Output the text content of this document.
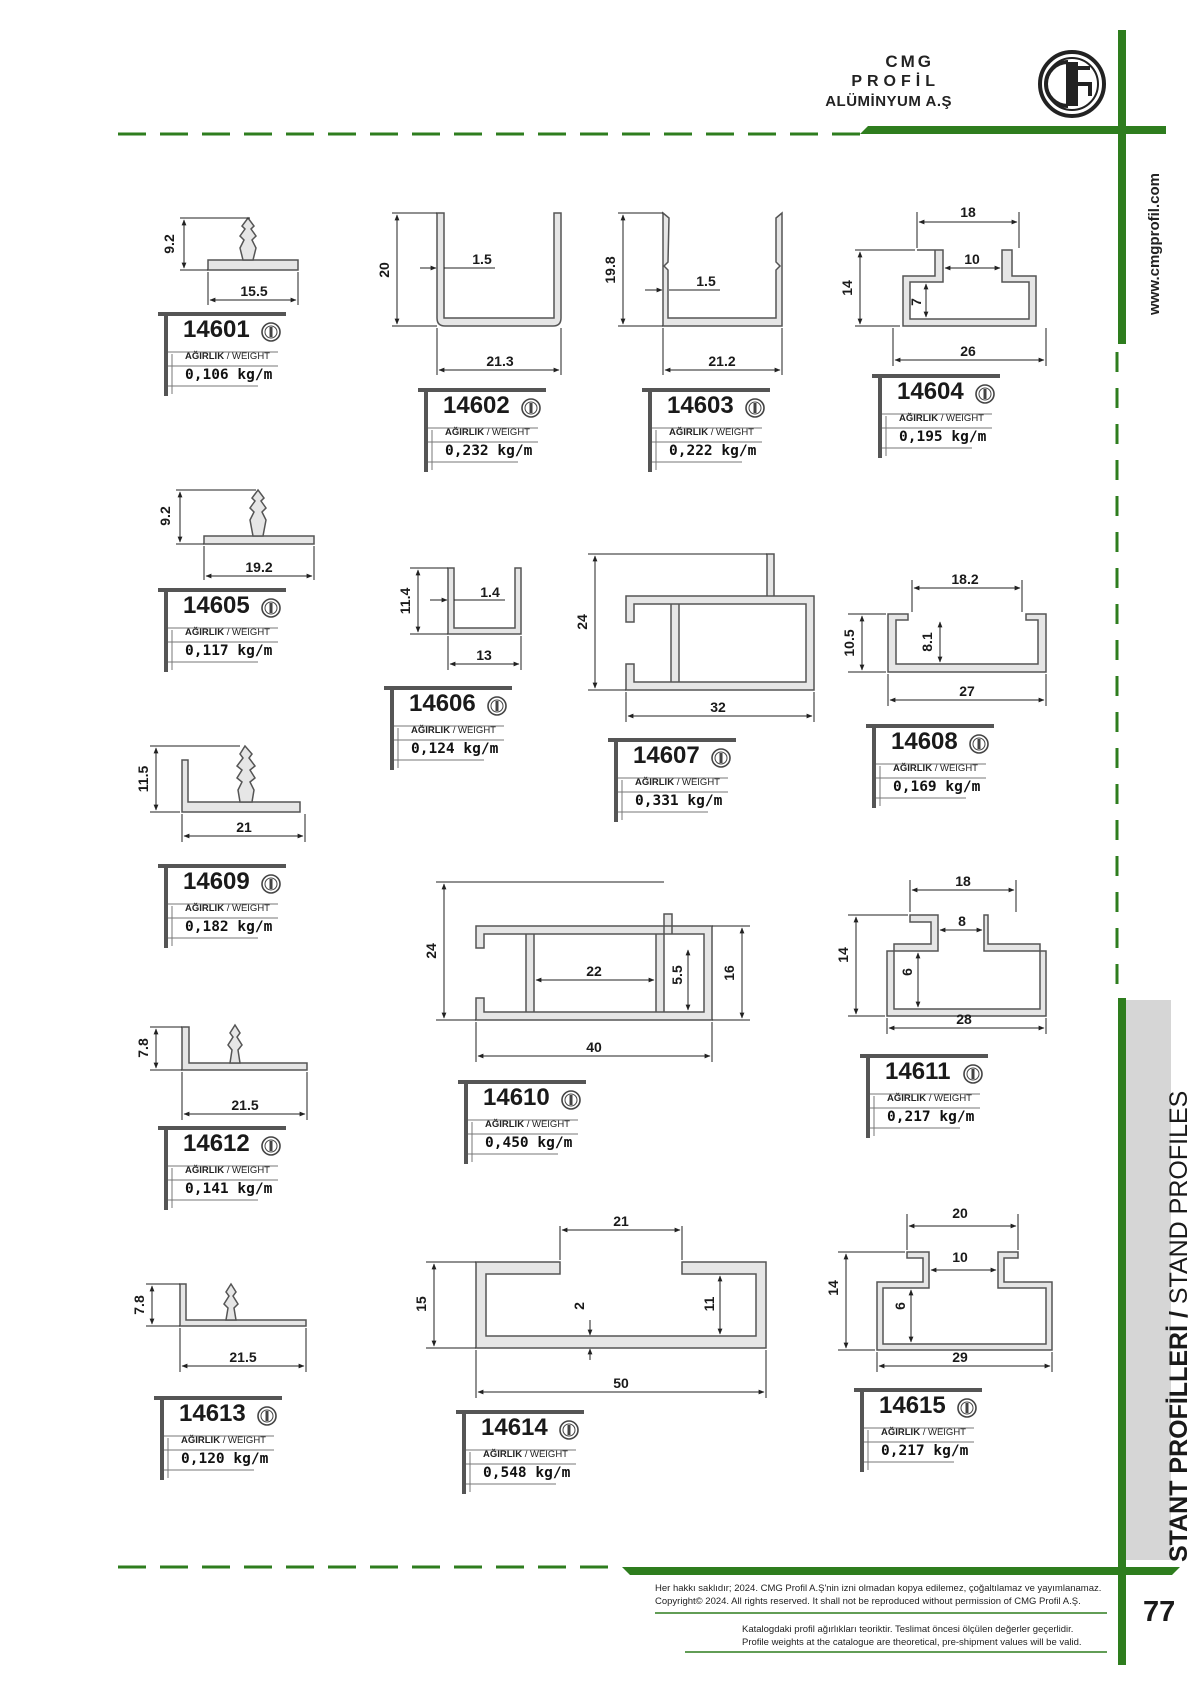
CMG
PROFİL
ALÜMİNYUM A.Ş
www.cmgprofil.com
STANT PROFİLLERİ / STAND PROFILES
77
Her hakkı saklıdır; 2024. CMG Profil A.Ş'nin izni olmadan kopya edilemez, çoğaltılamaz ve yayımlanamaz.
Copyright© 2024. All rights reserved. It shall not be reproduced without permission of CMG Profil A.Ş.
Katalogdaki profil ağırlıkları teoriktir. Teslimat öncesi ölçülen değerler geçerlidir.
Profile weights at the catalogue are theoretical, pre-shipment values will be valid.
9.2
15.5
20
1.5
21.3
19.8	1.5
21.2
18
10
14
7
26
9.2
19.2
11.4	1.4
13
24
32
18.2
10.5	8.1
27
11.5
21
24
22	5.5	16
40
18
8
14
6
28
7.8
21.5
7.8
21.5
21
15	2	11
50
20
10
14
6
29
14601
AĞIRLIK / WEIGHT
0,106 kg/m
14602
AĞIRLIK / WEIGHT
0,232 kg/m
14603
AĞIRLIK / WEIGHT
0,222 kg/m
14604
AĞIRLIK / WEIGHT
0,195 kg/m
14605
AĞIRLIK / WEIGHT
0,117 kg/m
14606
AĞIRLIK / WEIGHT
0,124 kg/m	14607
AĞIRLIK / WEIGHT
0,331 kg/m
14608
AĞIRLIK / WEIGHT
0,169 kg/m
14609
AĞIRLIK / WEIGHT
0,182 kg/m
14610
AĞIRLIK / WEIGHT
0,450 kg/m
14611
AĞIRLIK / WEIGHT
0,217 kg/m
14612
AĞIRLIK / WEIGHT
0,141 kg/m
14613
AĞIRLIK / WEIGHT
0,120 kg/m
14614
AĞIRLIK / WEIGHT
0,548 kg/m
14615
AĞIRLIK / WEIGHT
0,217 kg/m
